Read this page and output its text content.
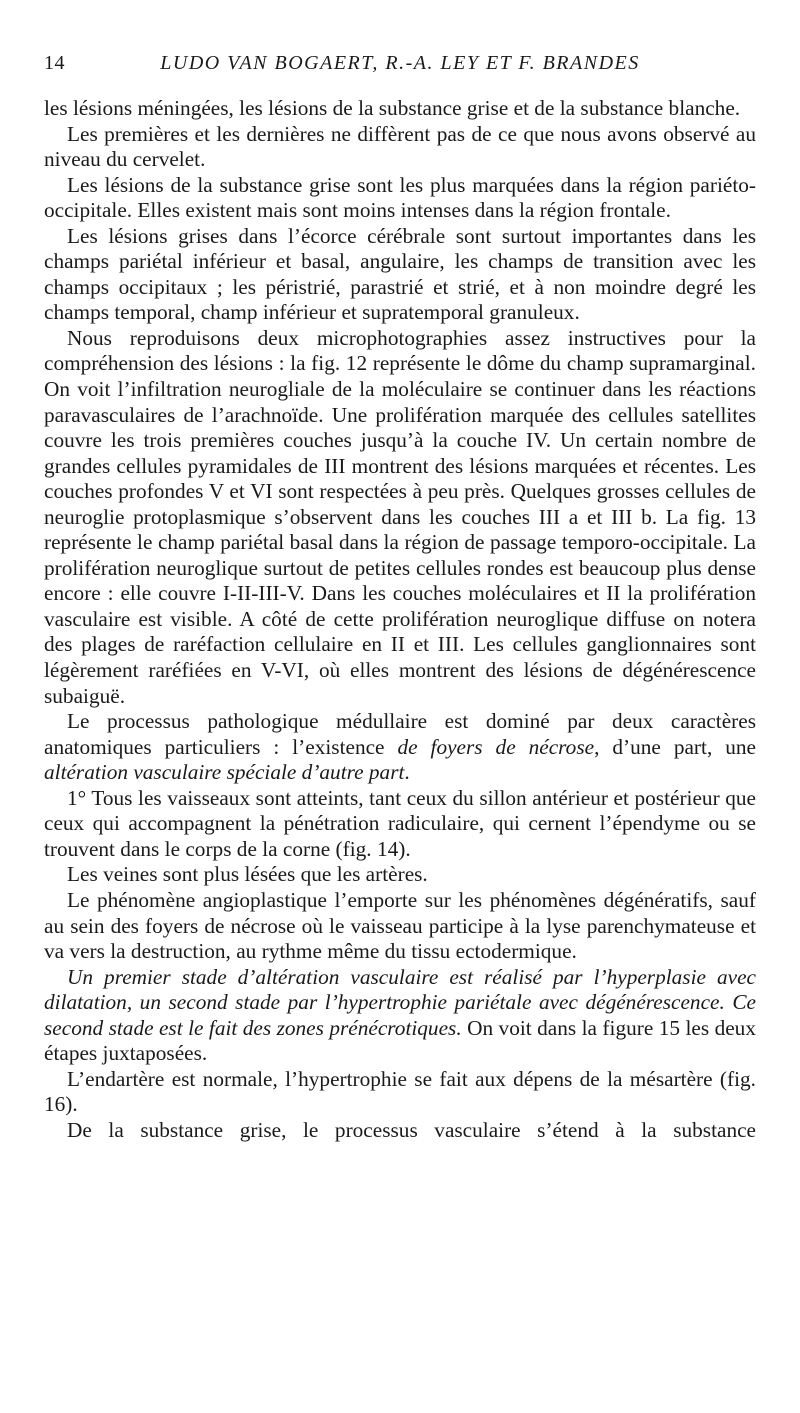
14	LUDO VAN BOGAERT, R.-A. LEY ET F. BRANDES

les lésions méningées, les lésions de la substance grise et de la substance blanche.

Les premières et les dernières ne diffèrent pas de ce que nous avons observé au niveau du cervelet.

Les lésions de la substance grise sont les plus marquées dans la région pariéto-occipitale. Elles existent mais sont moins intenses dans la région frontale.

Les lésions grises dans l’écorce cérébrale sont surtout importantes dans les champs pariétal inférieur et basal, angulaire, les champs de transition avec les champs occipitaux ; les péristrié, parastrié et strié, et à non moindre degré les champs temporal, champ inférieur et supratemporal granuleux.

Nous reproduisons deux microphotographies assez instructives pour la compréhension des lésions : la fig. 12 représente le dôme du champ supramarginal. On voit l’infiltration neurogliale de la moléculaire se continuer dans les réactions paravasculaires de l’arachnoïde. Une prolifération marquée des cellules satellites couvre les trois premières couches jusqu’à la couche IV. Un certain nombre de grandes cellules pyramidales de III montrent des lésions marquées et récentes. Les couches profondes V et VI sont respectées à peu près. Quelques grosses cellules de neuroglie protoplasmique s’observent dans les couches III a et III b. La fig. 13 représente le champ pariétal basal dans la région de passage temporo-occipitale. La prolifération neuroglique surtout de petites cellules rondes est beaucoup plus dense encore : elle couvre I-II-III-V. Dans les couches moléculaires et II la prolifération vasculaire est visible. A côté de cette prolifération neuroglique diffuse on notera des plages de raréfaction cellulaire en II et III. Les cellules ganglionnaires sont légèrement raréfiées en V-VI, où elles montrent des lésions de dégénérescence subaiguë.

Le processus pathologique médullaire est dominé par deux caractères anatomiques particuliers : l’existence de foyers de nécrose, d’une part, une altération vasculaire spéciale d’autre part.

1° Tous les vaisseaux sont atteints, tant ceux du sillon antérieur et postérieur que ceux qui accompagnent la pénétration radiculaire, qui cernent l’épendyme ou se trouvent dans le corps de la corne (fig. 14).

Les veines sont plus lésées que les artères.

Le phénomène angioplastique l’emporte sur les phénomènes dégénératifs, sauf au sein des foyers de nécrose où le vaisseau participe à la lyse parenchymateuse et va vers la destruction, au rythme même du tissu ectodermique.

Un premier stade d’altération vasculaire est réalisé par l’hyperplasie avec dilatation, un second stade par l’hypertrophie pariétale avec dégénérescence. Ce second stade est le fait des zones prénécrotiques. On voit dans la figure 15 les deux étapes juxtaposées.

L’endartère est normale, l’hypertrophie se fait aux dépens de la mésartère (fig. 16).

De la substance grise, le processus vasculaire s’étend à la substance
